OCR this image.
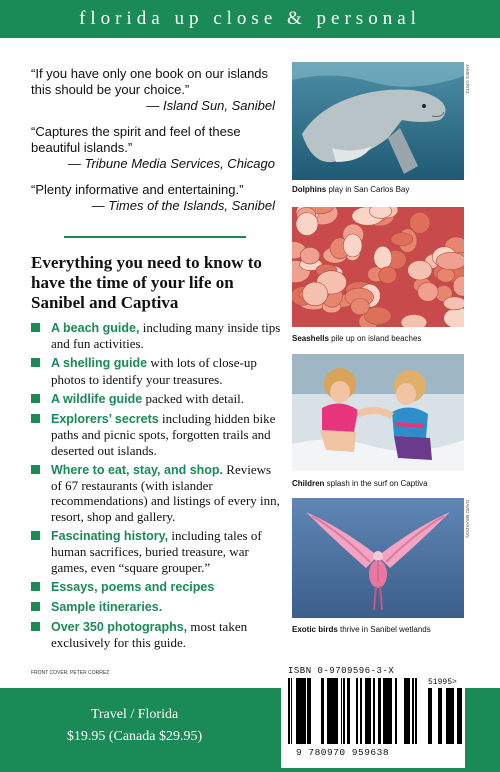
florida up close & personal
“If you have only one book on our islands this should be your choice.”
— Island Sun, Sanibel
“Captures the spirit and feel of these beautiful islands.”
— Tribune Media Services, Chicago
“Plenty informative and entertaining.”
— Times of the Islands, Sanibel
Everything you need to know to have the time of your life on Sanibel and Captiva
A beach guide, including many inside tips and fun activities.
A shelling guide with lots of close-up photos to identify your treasures.
A wildlife guide packed with detail.
Explorers’ secrets including hidden bike paths and picnic spots, forgotten trails and deserted out islands.
Where to eat, stay, and shop. Reviews of 67 restaurants (with islander recommendations) and listings of every inn, resort, shop and gallery.
Fascinating history, including tales of human sacrifices, buried treasure, war games, even “square grouper.”
Essays, poems and recipes
Sample itineraries.
Over 350 photographs, most taken exclusively for this guide.
FRONT COVER: PETER CORREZ
JAMES GRITZ
Dolphins play in San Carlos Bay
Seashells pile up on island beaches
Children splash in the surf on Captiva
DAVID MEARDON
Exotic birds thrive in Sanibel wetlands
Travel / Florida
$19.95 (Canada $29.95)
ISBN 0-9709596-3-X
51995>
9 780970 959638
